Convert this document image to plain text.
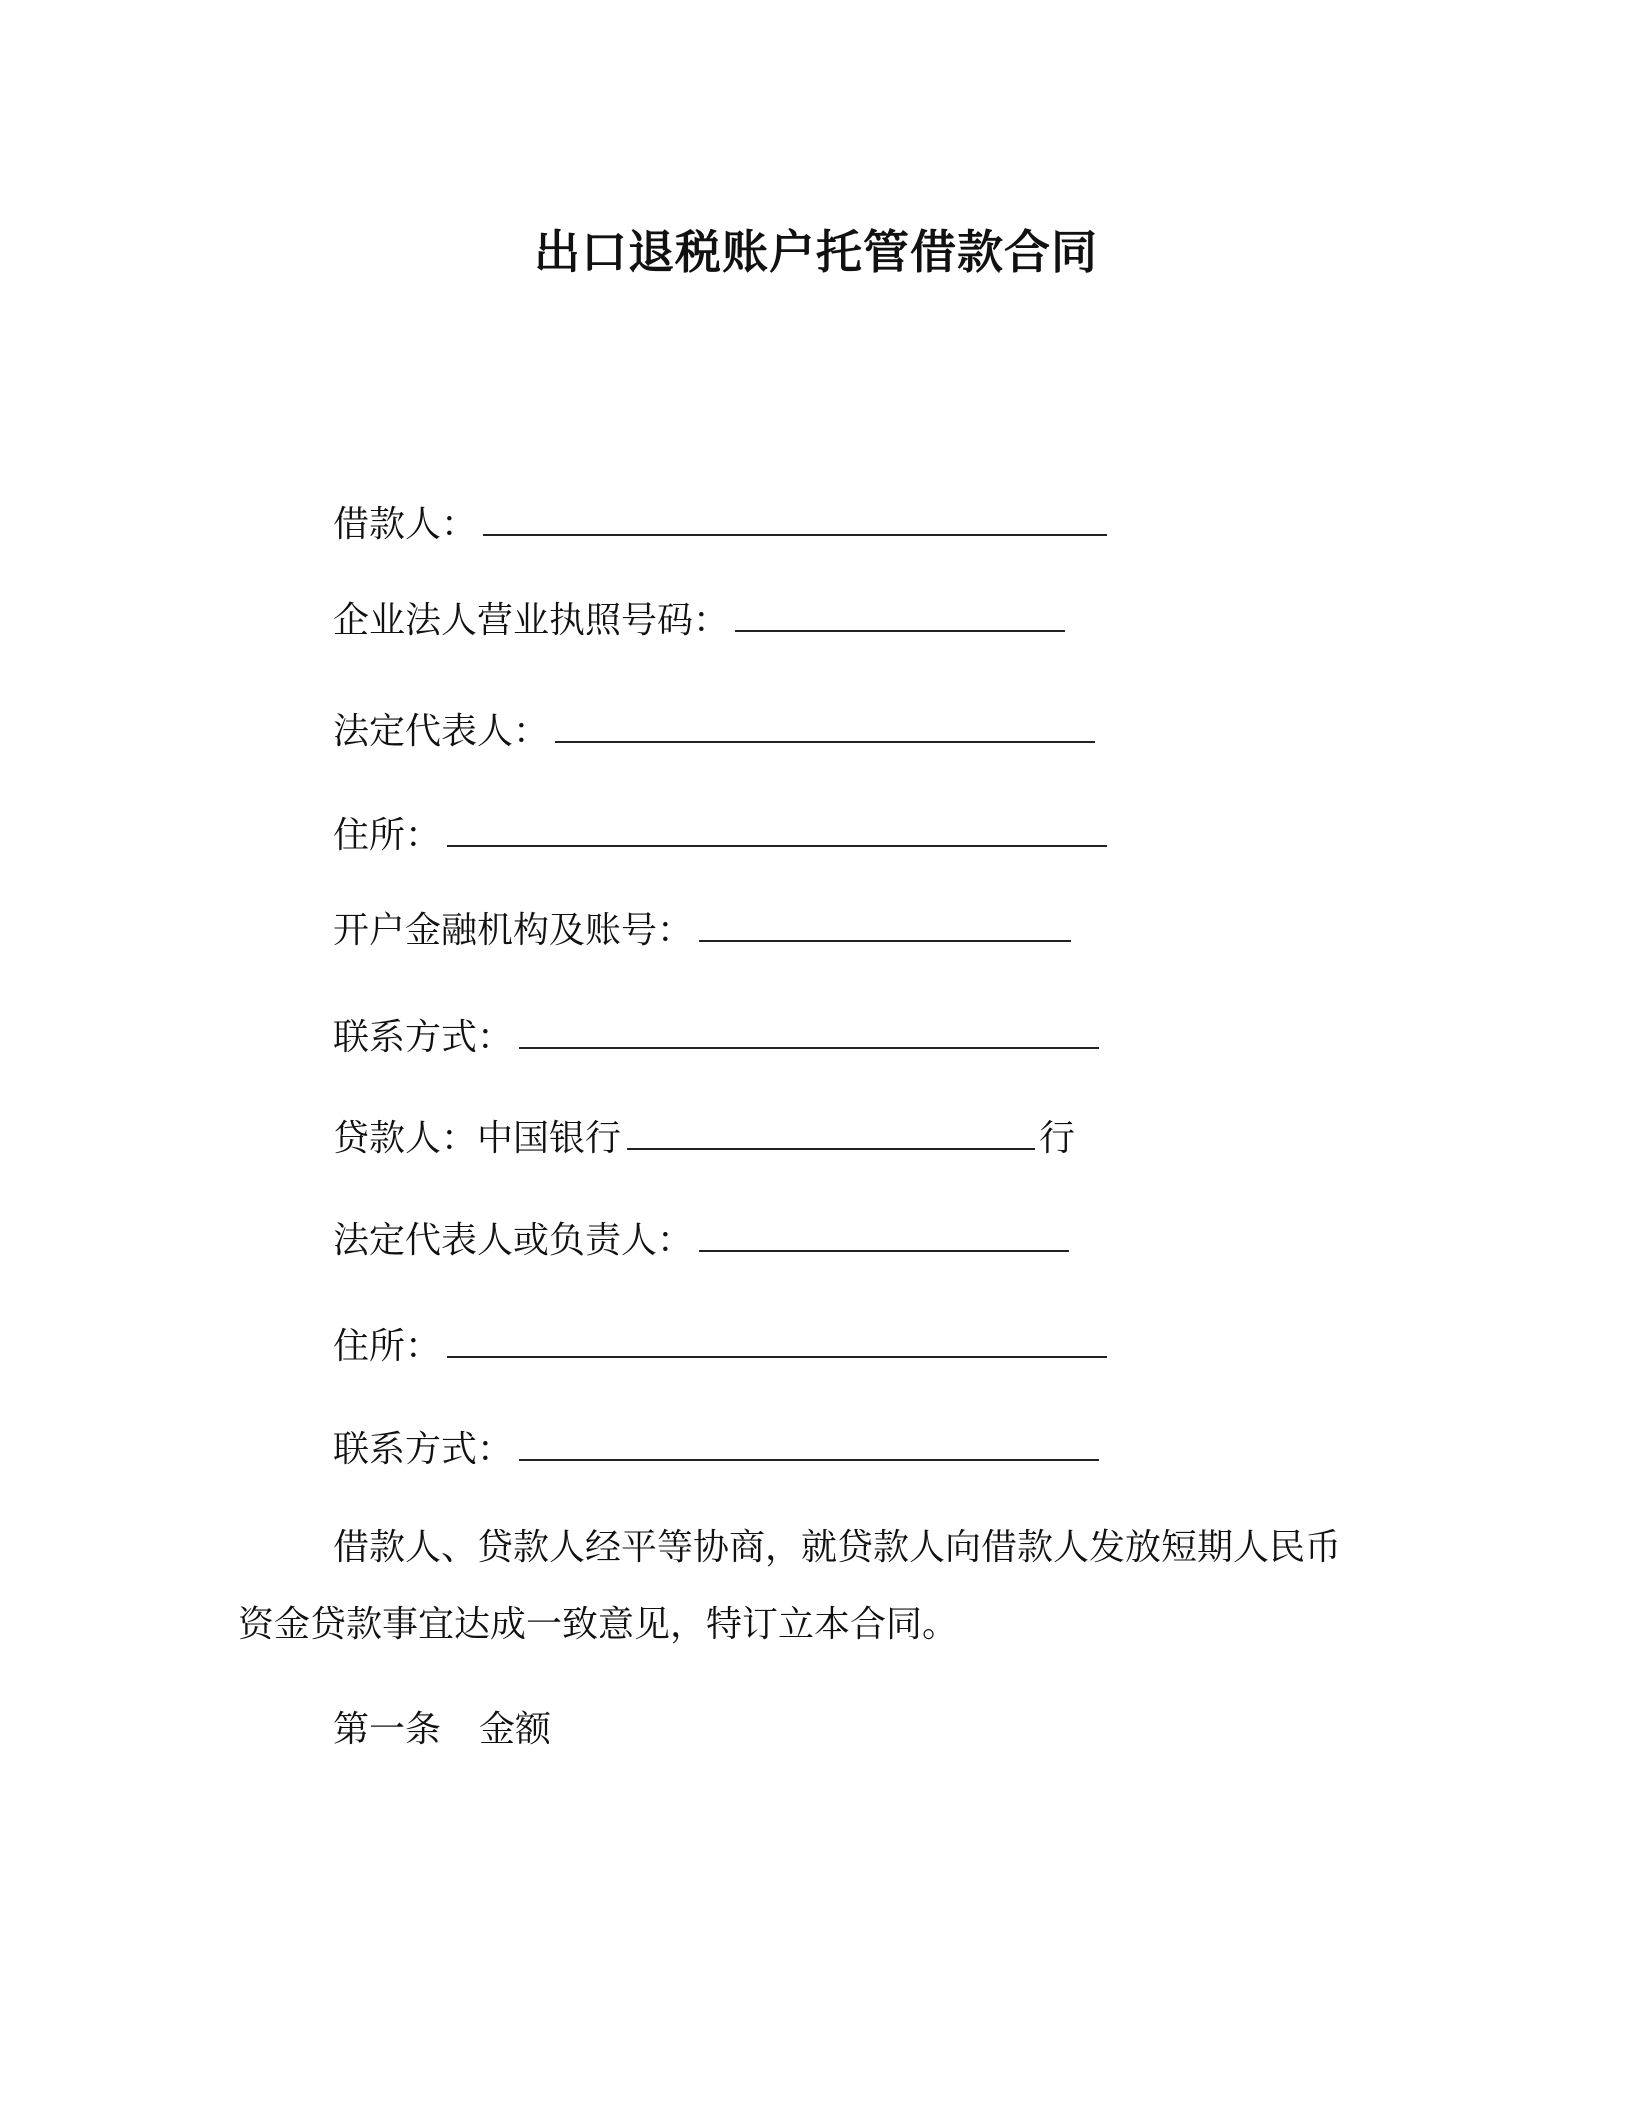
出口退税账户托管借款合同
借款人：
企业法人营业执照号码：
法定代表人：
住所：
开户金融机构及账号：
联系方式：
贷款人：中国银行	行
法定代表人或负责人：
住所：
联系方式：
借款人、贷款人经平等协商，就贷款人向借款人发放短期人民币
资金贷款事宜达成一致意见，特订立本合同。
第一条 金额
